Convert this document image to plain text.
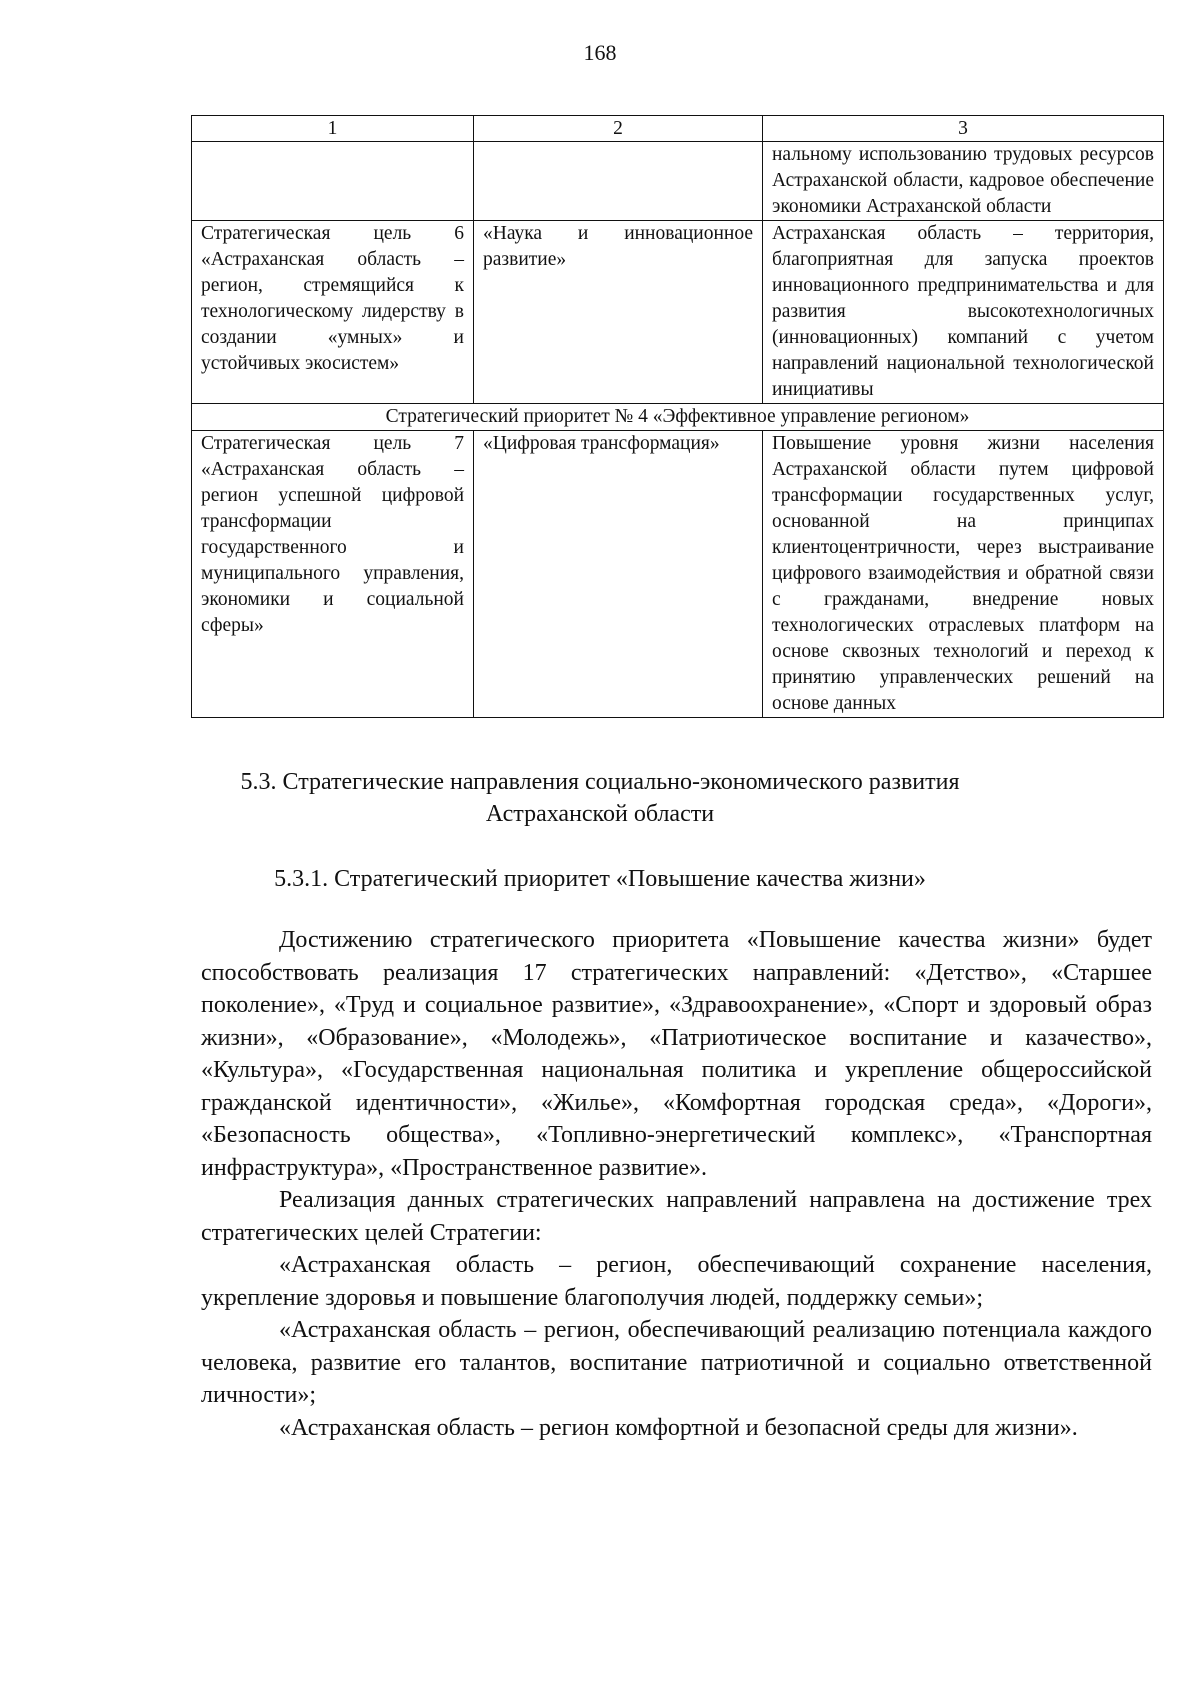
168
1	2	3
		нальному использованию трудовых ресурсов Астраханской области, кадровое обеспечение экономики Астраханской области
Стратегическая цель 6 «Астраханская область – регион, стремящийся к технологическому лидерству в создании «умных» и устойчивых экосистем»	«Наука и инновационное развитие»	Астраханская область – территория, благоприятная для запуска проектов инновационного предпринимательства и для развития высокотехнологичных (инновационных) компаний с учетом направлений национальной технологической инициативы
Стратегический приоритет № 4 «Эффективное управление регионом»		
Стратегическая цель 7 «Астраханская область – регион успешной цифровой трансформации государственного и муниципального управления, экономики и социальной сферы»	«Цифровая трансформация»	Повышение уровня жизни населения Астраханской области путем цифровой трансформации государственных услуг, основанной на принципах клиентоцентричности, через выстраивание цифрового взаимодействия и обратной связи с гражданами, внедрение новых технологических отраслевых платформ на основе сквозных технологий и переход к принятию управленческих решений на основе данных
5.3. Стратегические направления социально-экономического развития
Астраханской области
5.3.1. Стратегический приоритет «Повышение качества жизни»

Достижению стратегического приоритета «Повышение качества жизни» будет способствовать реализация 17 стратегических направлений: «Детство», «Старшее поколение», «Труд и социальное развитие», «Здравоохранение», «Спорт и здоровый образ жизни», «Образование», «Молодежь», «Патриотическое воспитание и казачество», «Культура», «Государственная национальная политика и укрепление общероссийской гражданской идентичности», «Жилье», «Комфортная городская среда», «Дороги», «Безопасность общества», «Топливно-энергетический комплекс», «Транспортная инфраструктура», «Пространственное развитие».

Реализация данных стратегических направлений направлена на достижение трех стратегических целей Стратегии:

«Астраханская область – регион, обеспечивающий сохранение населения, укрепление здоровья и повышение благополучия людей, поддержку семьи»;

«Астраханская область – регион, обеспечивающий реализацию потенциала каждого человека, развитие его талантов, воспитание патриотичной и социально ответственной личности»;

«Астраханская область – регион комфортной и безопасной среды для жизни».
